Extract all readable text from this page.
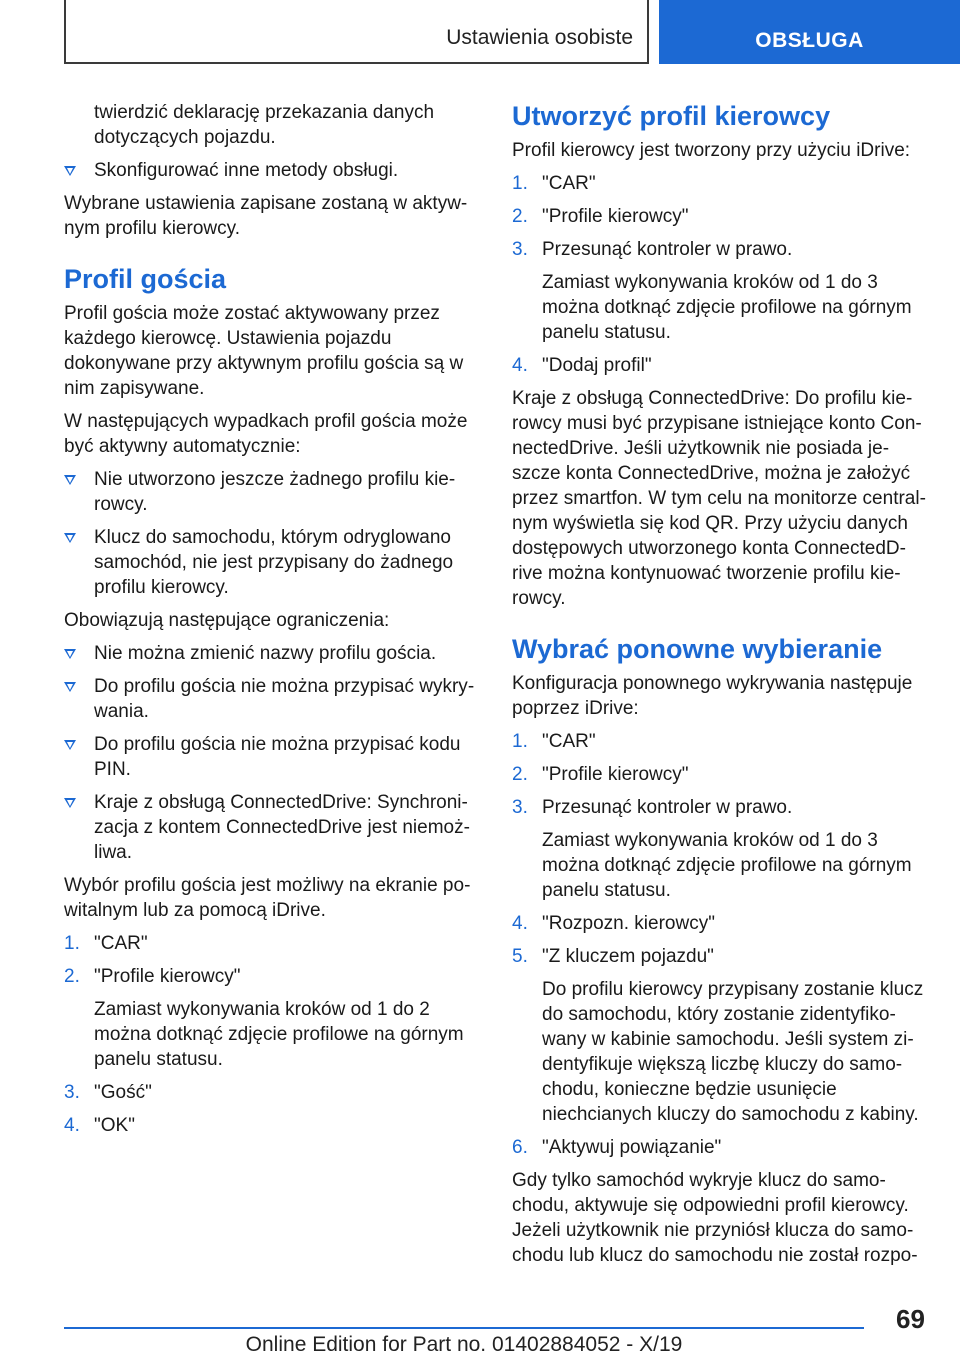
Ustawienia osobiste	OBSŁUGA

twierdzić deklarację przekazania danych dotyczących pojazdu.

Skonfigurować inne metody obsługi.

Wybrane ustawienia zapisane zostaną w aktywnym profilu kierowcy.

Profil gościa

Profil gościa może zostać aktywowany przez każdego kierowcę. Ustawienia pojazdu dokonywane przy aktywnym profilu gościa są w nim zapisywane.

W następujących wypadkach profil gościa może być aktywny automatycznie:

Nie utworzono jeszcze żadnego profilu kierowcy.
Klucz do samochodu, którym odryglowano samochód, nie jest przypisany do żadnego profilu kierowcy.

Obowiązują następujące ograniczenia:

Nie można zmienić nazwy profilu gościa.
Do profilu gościa nie można przypisać wykrywania.
Do profilu gościa nie można przypisać kodu PIN.
Kraje z obsługą ConnectedDrive: Synchronizacja z kontem ConnectedDrive jest niemożliwa.

Wybór profilu gościa jest możliwy na ekranie powitalnym lub za pomocą iDrive.

1. "CAR"
2. "Profile kierowcy"

Zamiast wykonywania kroków od 1 do 2 można dotknąć zdjęcie profilowe na górnym panelu statusu.

3. "Gość"
4. "OK"
Utworzyć profil kierowcy

Profil kierowcy jest tworzony przy użyciu iDrive:

1. "CAR"
2. "Profile kierowcy"
3. Przesunąć kontroler w prawo.

Zamiast wykonywania kroków od 1 do 3 można dotknąć zdjęcie profilowe na górnym panelu statusu.

4. "Dodaj profil"

Kraje z obsługą ConnectedDrive: Do profilu kierowcy musi być przypisane istniejące konto ConnectedDrive. Jeśli użytkownik nie posiada jeszcze konta ConnectedDrive, można je założyć przez smartfon. W tym celu na monitorze centralnym wyświetla się kod QR. Przy użyciu danych dostępowych utworzonego konta ConnectedDrive można kontynuować tworzenie profilu kierowcy.

Wybrać ponowne wybieranie

Konfiguracja ponownego wykrywania następuje poprzez iDrive:

1. "CAR"
2. "Profile kierowcy"
3. Przesunąć kontroler w prawo.

Zamiast wykonywania kroków od 1 do 3 można dotknąć zdjęcie profilowe na górnym panelu statusu.

4. "Rozpozn. kierowcy"
5. "Z kluczem pojazdu"

Do profilu kierowcy przypisany zostanie klucz do samochodu, który zostanie zidentyfikowany w kabinie samochodu. Jeśli system zidentyfikuje większą liczbę kluczy do samochodu, konieczne będzie usunięcie niechcianych kluczy do samochodu z kabiny.

6. "Aktywuj powiązanie"

Gdy tylko samochód wykryje klucz do samochodu, aktywuje się odpowiedni profil kierowcy. Jeżeli użytkownik nie przyniósł klucza do samochodu lub klucz do samochodu nie został rozpo-

69
Online Edition for Part no. 01402884052 - X/19
